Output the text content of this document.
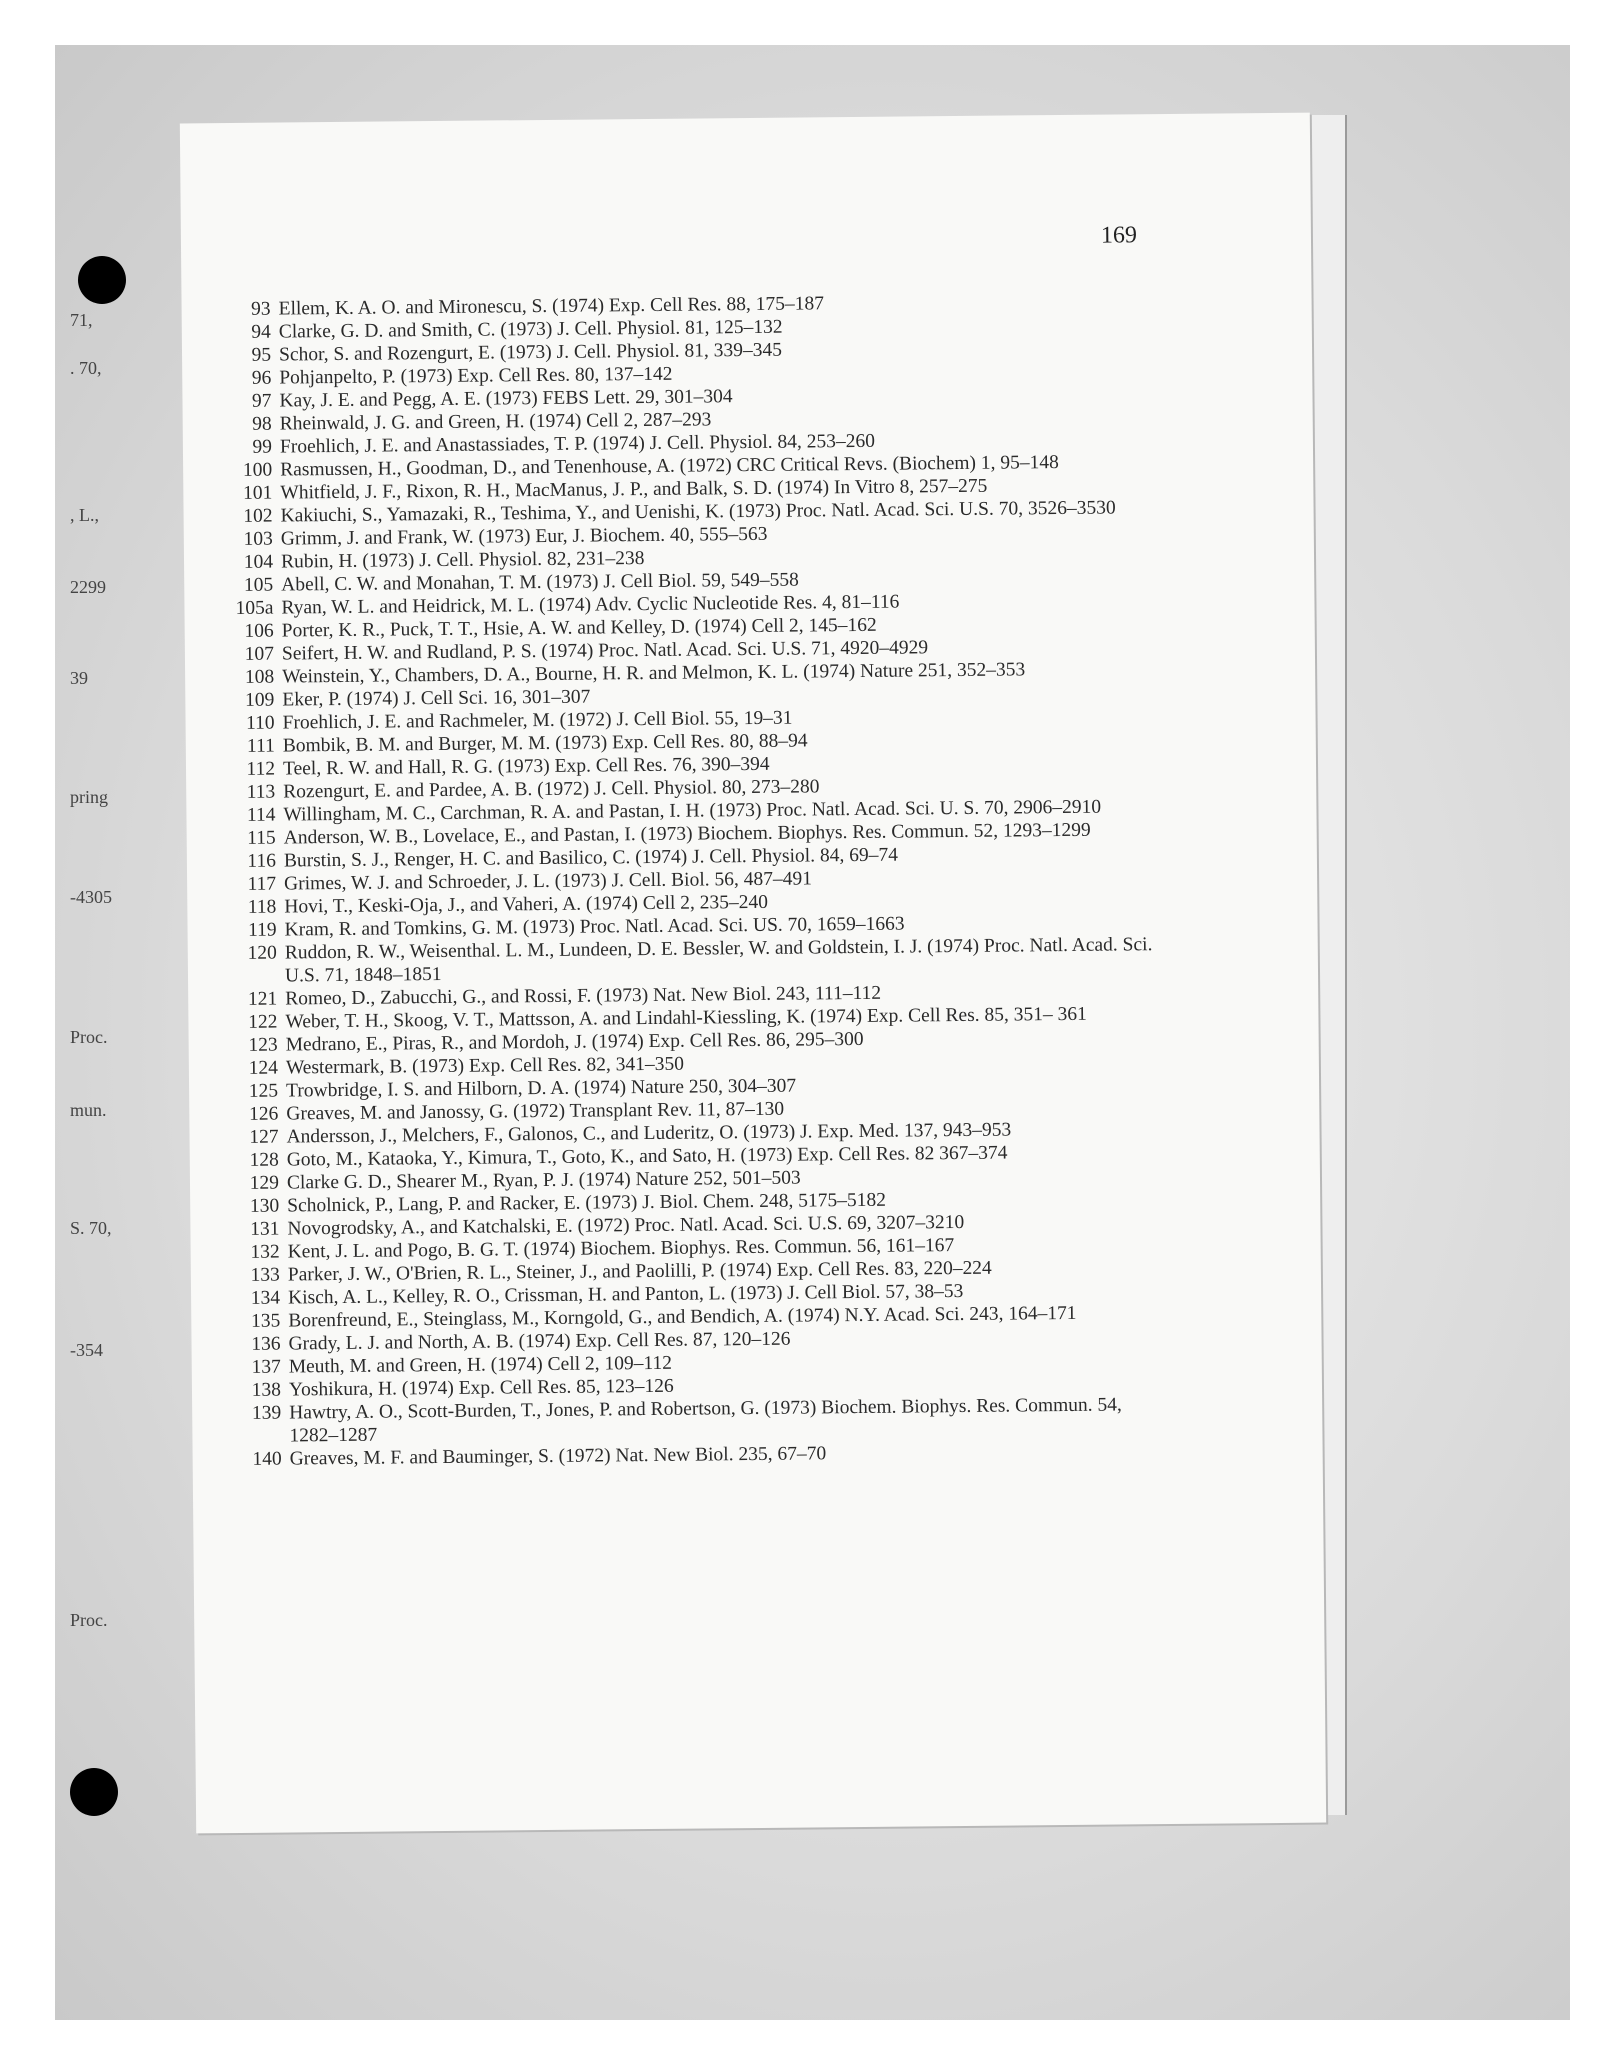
71,
. 70,
, L.,
2299
39
pring
-4305
Proc.
mun.
S. 70,
-354
Proc.
169
93 Ellem, K. A. O. and Mironescu, S. (1974) Exp. Cell Res. 88, 175–187
94 Clarke, G. D. and Smith, C. (1973) J. Cell. Physiol. 81, 125–132
95 Schor, S. and Rozengurt, E. (1973) J. Cell. Physiol. 81, 339–345
96 Pohjanpelto, P. (1973) Exp. Cell Res. 80, 137–142
97 Kay, J. E. and Pegg, A. E. (1973) FEBS Lett. 29, 301–304
98 Rheinwald, J. G. and Green, H. (1974) Cell 2, 287–293
99 Froehlich, J. E. and Anastassiades, T. P. (1974) J. Cell. Physiol. 84, 253–260
100 Rasmussen, H., Goodman, D., and Tenenhouse, A. (1972) CRC Critical Revs. (Biochem) 1, 95–148
101 Whitfield, J. F., Rixon, R. H., MacManus, J. P., and Balk, S. D. (1974) In Vitro 8, 257–275
102 Kakiuchi, S., Yamazaki, R., Teshima, Y., and Uenishi, K. (1973) Proc. Natl. Acad. Sci. U.S. 70, 3526–3530
103 Grimm, J. and Frank, W. (1973) Eur, J. Biochem. 40, 555–563
104 Rubin, H. (1973) J. Cell. Physiol. 82, 231–238
105 Abell, C. W. and Monahan, T. M. (1973) J. Cell Biol. 59, 549–558
105a Ryan, W. L. and Heidrick, M. L. (1974) Adv. Cyclic Nucleotide Res. 4, 81–116
106 Porter, K. R., Puck, T. T., Hsie, A. W. and Kelley, D. (1974) Cell 2, 145–162
107 Seifert, H. W. and Rudland, P. S. (1974) Proc. Natl. Acad. Sci. U.S. 71, 4920–4929
108 Weinstein, Y., Chambers, D. A., Bourne, H. R. and Melmon, K. L. (1974) Nature 251, 352–353
109 Eker, P. (1974) J. Cell Sci. 16, 301–307
110 Froehlich, J. E. and Rachmeler, M. (1972) J. Cell Biol. 55, 19–31
111 Bombik, B. M. and Burger, M. M. (1973) Exp. Cell Res. 80, 88–94
112 Teel, R. W. and Hall, R. G. (1973) Exp. Cell Res. 76, 390–394
113 Rozengurt, E. and Pardee, A. B. (1972) J. Cell. Physiol. 80, 273–280
114 Willingham, M. C., Carchman, R. A. and Pastan, I. H. (1973) Proc. Natl. Acad. Sci. U. S. 70, 2906–2910
115 Anderson, W. B., Lovelace, E., and Pastan, I. (1973) Biochem. Biophys. Res. Commun. 52, 1293–1299
116 Burstin, S. J., Renger, H. C. and Basilico, C. (1974) J. Cell. Physiol. 84, 69–74
117 Grimes, W. J. and Schroeder, J. L. (1973) J. Cell. Biol. 56, 487–491
118 Hovi, T., Keski-Oja, J., and Vaheri, A. (1974) Cell 2, 235–240
119 Kram, R. and Tomkins, G. M. (1973) Proc. Natl. Acad. Sci. US. 70, 1659–1663
120 Ruddon, R. W., Weisenthal. L. M., Lundeen, D. E. Bessler, W. and Goldstein, I. J. (1974) Proc. Natl. Acad. Sci. U.S. 71, 1848–1851
121 Romeo, D., Zabucchi, G., and Rossi, F. (1973) Nat. New Biol. 243, 111–112
122 Weber, T. H., Skoog, V. T., Mattsson, A. and Lindahl-Kiessling, K. (1974) Exp. Cell Res. 85, 351– 361
123 Medrano, E., Piras, R., and Mordoh, J. (1974) Exp. Cell Res. 86, 295–300
124 Westermark, B. (1973) Exp. Cell Res. 82, 341–350
125 Trowbridge, I. S. and Hilborn, D. A. (1974) Nature 250, 304–307
126 Greaves, M. and Janossy, G. (1972) Transplant Rev. 11, 87–130
127 Andersson, J., Melchers, F., Galonos, C., and Luderitz, O. (1973) J. Exp. Med. 137, 943–953
128 Goto, M., Kataoka, Y., Kimura, T., Goto, K., and Sato, H. (1973) Exp. Cell Res. 82 367–374
129 Clarke G. D., Shearer M., Ryan, P. J. (1974) Nature 252, 501–503
130 Scholnick, P., Lang, P. and Racker, E. (1973) J. Biol. Chem. 248, 5175–5182
131 Novogrodsky, A., and Katchalski, E. (1972) Proc. Natl. Acad. Sci. U.S. 69, 3207–3210
132 Kent, J. L. and Pogo, B. G. T. (1974) Biochem. Biophys. Res. Commun. 56, 161–167
133 Parker, J. W., O'Brien, R. L., Steiner, J., and Paolilli, P. (1974) Exp. Cell Res. 83, 220–224
134 Kisch, A. L., Kelley, R. O., Crissman, H. and Panton, L. (1973) J. Cell Biol. 57, 38–53
135 Borenfreund, E., Steinglass, M., Korngold, G., and Bendich, A. (1974) N.Y. Acad. Sci. 243, 164–171
136 Grady, L. J. and North, A. B. (1974) Exp. Cell Res. 87, 120–126
137 Meuth, M. and Green, H. (1974) Cell 2, 109–112
138 Yoshikura, H. (1974) Exp. Cell Res. 85, 123–126
139 Hawtry, A. O., Scott-Burden, T., Jones, P. and Robertson, G. (1973) Biochem. Biophys. Res. Commun. 54, 1282–1287
140 Greaves, M. F. and Bauminger, S. (1972) Nat. New Biol. 235, 67–70
